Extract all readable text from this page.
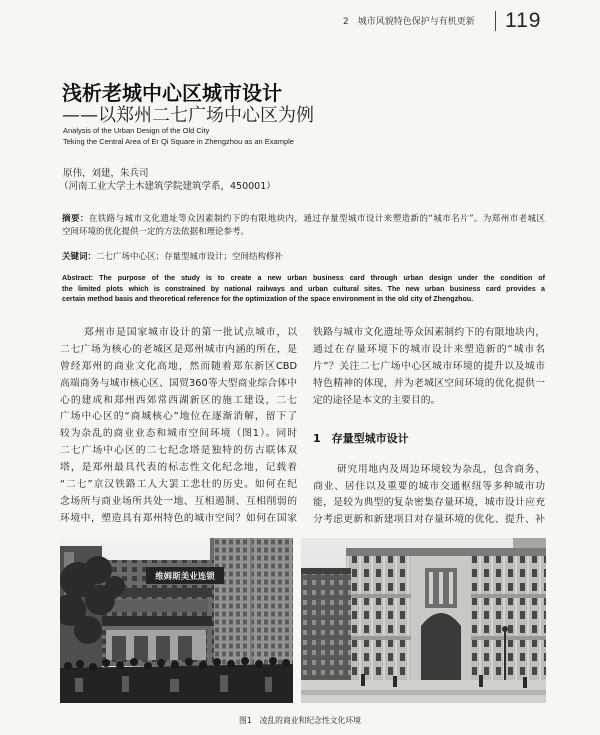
2　城市风貌特色保护与有机更新 119
浅析老城中心区城市设计
——以郑州二七广场中心区为例
Analysis of the Urban Design of the Old City
Teking the Central Area of Er Qi Square in Zhengzhou as an Example
原伟，刘建，朱兵司
（河南工业大学土木建筑学院建筑学系，450001）
摘要：在铁路与城市文化遗址等众因素制约下的有限地块内，通过存量型城市设计来塑造新的“城市名片”。为郑州市老城区
空间环境的优化提供一定的方法依据和理论参考。
关键词：二七广场中心区；存量型城市设计；空间结构修补
Abstract: The purpose of the study is to create a new urban business card through urban design under the condition of
the limited plots which is constrained by national railways and urban cultural sites. The new urban business card provides a
certain method basis and theoretical reference for the optimization of the space environment in the old city of Zhengzhou.
郑州市是国家城市设计的第一批试点城市，以
二七广场为核心的老城区是郑州城市内涵的所在，是
曾经郑州的商业文化高地，然而随着郑东新区CBD
高端商务与城市核心区、国贸360等大型商业综合体中
心的建成和郑州西郊常西湖新区的施工建设，二七
广场中心区的“商城核心”地位在逐渐消解，留下了
较为杂乱的商业业态和城市空间环境（图1）。同时
二七广场中心区的二七纪念塔是独特的仿古联体双
塔，是郑州最具代表的标志性文化纪念地，记载着
“二七”京汉铁路工人大罢工悲壮的历史。如何在纪
念场所与商业场所共处一地、互相遏制、互相削弱的
环境中，塑造具有郑州特色的城市空间？如何在国家
铁路与城市文化遗址等众因素制约下的有限地块内，
通过在存量环境下的城市设计来塑造新的“城市名
片”？关注二七广场中心区城市环境的提升以及城市
特色精神的体现，并为老城区空间环境的优化提供一
定的途径是本文的主要目的。
1　存量型城市设计
研究用地内及周边环境较为杂乱，包含商务、
商业、居住以及重要的城市交通枢纽等多种城市功
能，是较为典型的复杂密集存量环境，城市设计应充
分考虑更新和新建项目对存量环境的优化、提升、补
维姆斯美业连锁
图1　凌乱的商业和纪念性文化环境
